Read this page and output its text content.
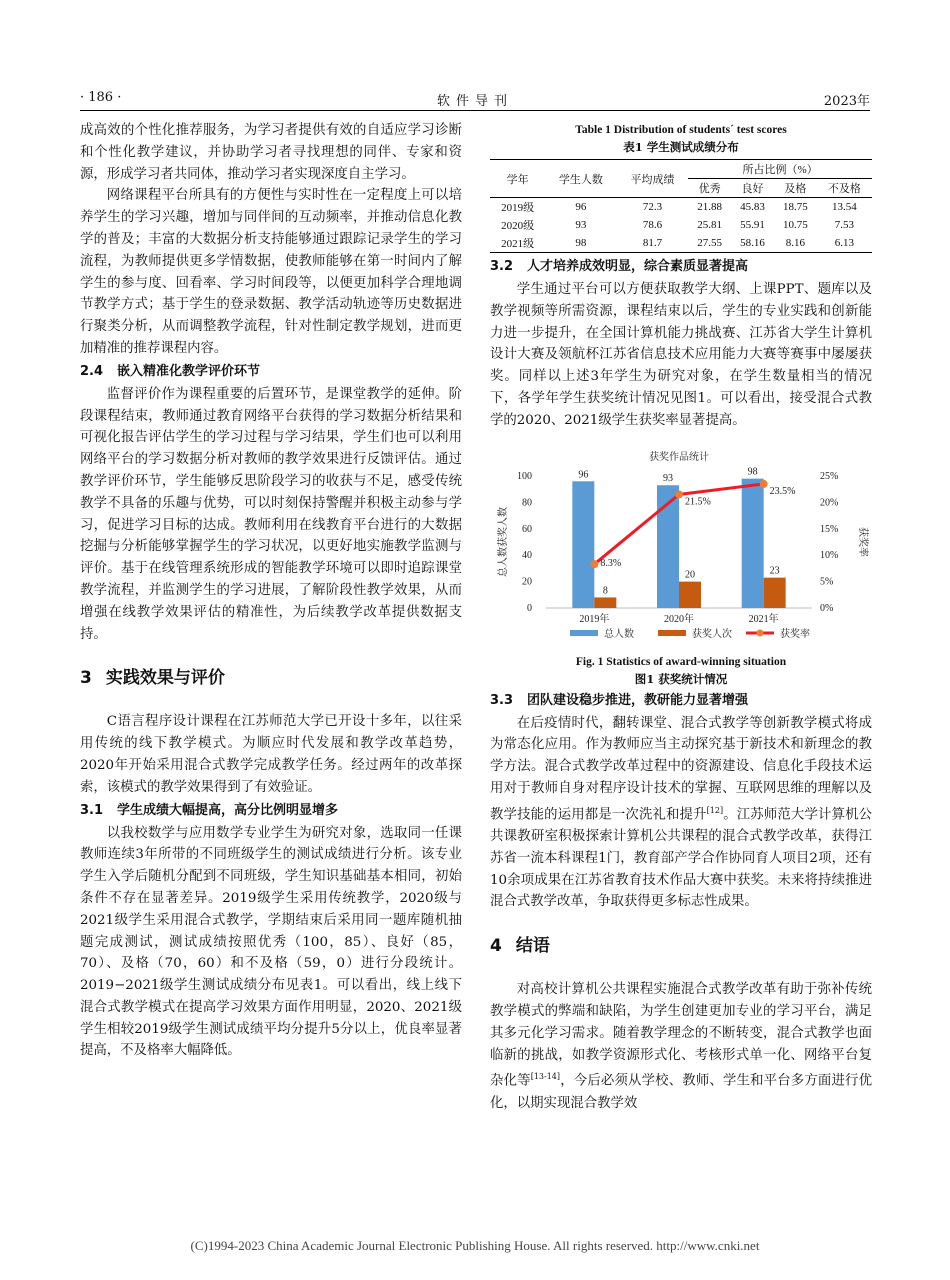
· 186 ·	软件导刊	2023年

成高效的个性化推荐服务，为学习者提供有效的自适应学习诊断和个性化教学建议，并协助学习者寻找理想的同伴、专家和资源，形成学习者共同体，推动学习者实现深度自主学习。

网络课程平台所具有的方便性与实时性在一定程度上可以培养学生的学习兴趣，增加与同伴间的互动频率，并推动信息化教学的普及；丰富的大数据分析支持能够通过跟踪记录学生的学习流程，为教师提供更多学情数据，使教师能够在第一时间内了解学生的参与度、回看率、学习时间段等，以便更加科学合理地调节教学方式；基于学生的登录数据、教学活动轨迹等历史数据进行聚类分析，从而调整教学流程，针对性制定教学规划，进而更加精准的推荐课程内容。

2.4 嵌入精准化教学评价环节

监督评价作为课程重要的后置环节，是课堂教学的延伸。阶段课程结束，教师通过教育网络平台获得的学习数据分析结果和可视化报告评估学生的学习过程与学习结果，学生们也可以利用网络平台的学习数据分析对教师的教学效果进行反馈评估。通过教学评价环节，学生能够反思阶段学习的收获与不足，感受传统教学不具备的乐趣与优势，可以时刻保持警醒并积极主动参与学习，促进学习目标的达成。教师利用在线教育平台进行的大数据挖掘与分析能够掌握学生的学习状况，以更好地实施教学监测与评价。基于在线管理系统形成的智能教学环境可以即时追踪课堂教学流程，并监测学生的学习进展，了解阶段性教学效果，从而增强在线教学效果评估的精准性，为后续教学改革提供数据支持。

3 实践效果与评价

C语言程序设计课程在江苏师范大学已开设十多年，以往采用传统的线下教学模式。为顺应时代发展和教学改革趋势，2020年开始采用混合式教学完成教学任务。经过两年的改革探索，该模式的教学效果得到了有效验证。

3.1 学生成绩大幅提高，高分比例明显增多

以我校数学与应用数学专业学生为研究对象，选取同一任课教师连续3年所带的不同班级学生的测试成绩进行分析。该专业学生入学后随机分配到不同班级，学生知识基础基本相同，初始条件不存在显著差异。2019级学生采用传统教学，2020级与2021级学生采用混合式教学，学期结束后采用同一题库随机抽题完成测试，测试成绩按照优秀（100，85）、良好（85，70）、及格（70，60）和不及格（59，0）进行分段统计。2019−2021级学生测试成绩分布见表1。可以看出，线上线下混合式教学模式在提高学习效果方面作用明显，2020、2021级学生相较2019级学生测试成绩平均分提升5分以上，优良率显著提高，不及格率大幅降低。

Table 1 Distribution of students´ test scores
表1 学生测试成绩分布
学年	学生人数	平均成绩	所占比例（%）			
			优秀	良好	及格	不及格
2019级	96	72.3	21.88	45.83	18.75	13.54
2020级	93	78.6	25.81	55.91	10.75	7.53
2021级	98	81.7	27.55	58.16	8.16	6.13
3.2 人才培养成效明显，综合素质显著提高

学生通过平台可以方便获取教学大纲、上课PPT、题库以及教学视频等所需资源，课程结束以后，学生的专业实践和创新能力进一步提升，在全国计算机能力挑战赛、江苏省大学生计算机设计大赛及领航杯江苏省信息技术应用能力大赛等赛事中屡屡获奖。同样以上述3年学生为研究对象，在学生数量相当的情况下，各学年学生获奖统计情况见图1。可以看出，接受混合式教学的2020、2021级学生获奖率显著提高。

获奖作品统计
0
20
40
60
80
100
0%
5%
10%
15%
20%
25%
总人数获奖人数	获奖率
96
8
2019年
93
20
2020年
98
23
2021年
8.3%
21.5%
23.5%
总人数	获奖人次	获奖率
Fig. 1 Statistics of award-winning situation
图1 获奖统计情况
3.3 团队建设稳步推进，教研能力显著增强

在后疫情时代，翻转课堂、混合式教学等创新教学模式将成为常态化应用。作为教师应当主动探究基于新技术和新理念的教学方法。混合式教学改革过程中的资源建设、信息化手段技术运用对于教师自身对程序设计技术的掌握、互联网思维的理解以及教学技能的运用都是一次洗礼和提升[12]。江苏师范大学计算机公共课教研室积极探索计算机公共课程的混合式教学改革，获得江苏省一流本科课程1门，教育部产学合作协同育人项目2项，还有10余项成果在江苏省教育技术作品大赛中获奖。未来将持续推进混合式教学改革，争取获得更多标志性成果。

4 结语

对高校计算机公共课程实施混合式教学改革有助于弥补传统教学模式的弊端和缺陷，为学生创建更加专业的学习平台，满足其多元化学习需求。随着教学理念的不断转变，混合式教学也面临新的挑战，如教学资源形式化、考核形式单一化、网络平台复杂化等[13-14]，今后必须从学校、教师、学生和平台多方面进行优化，以期实现混合教学效

(C)1994-2023 China Academic Journal Electronic Publishing House. All rights reserved. http://www.cnki.net
